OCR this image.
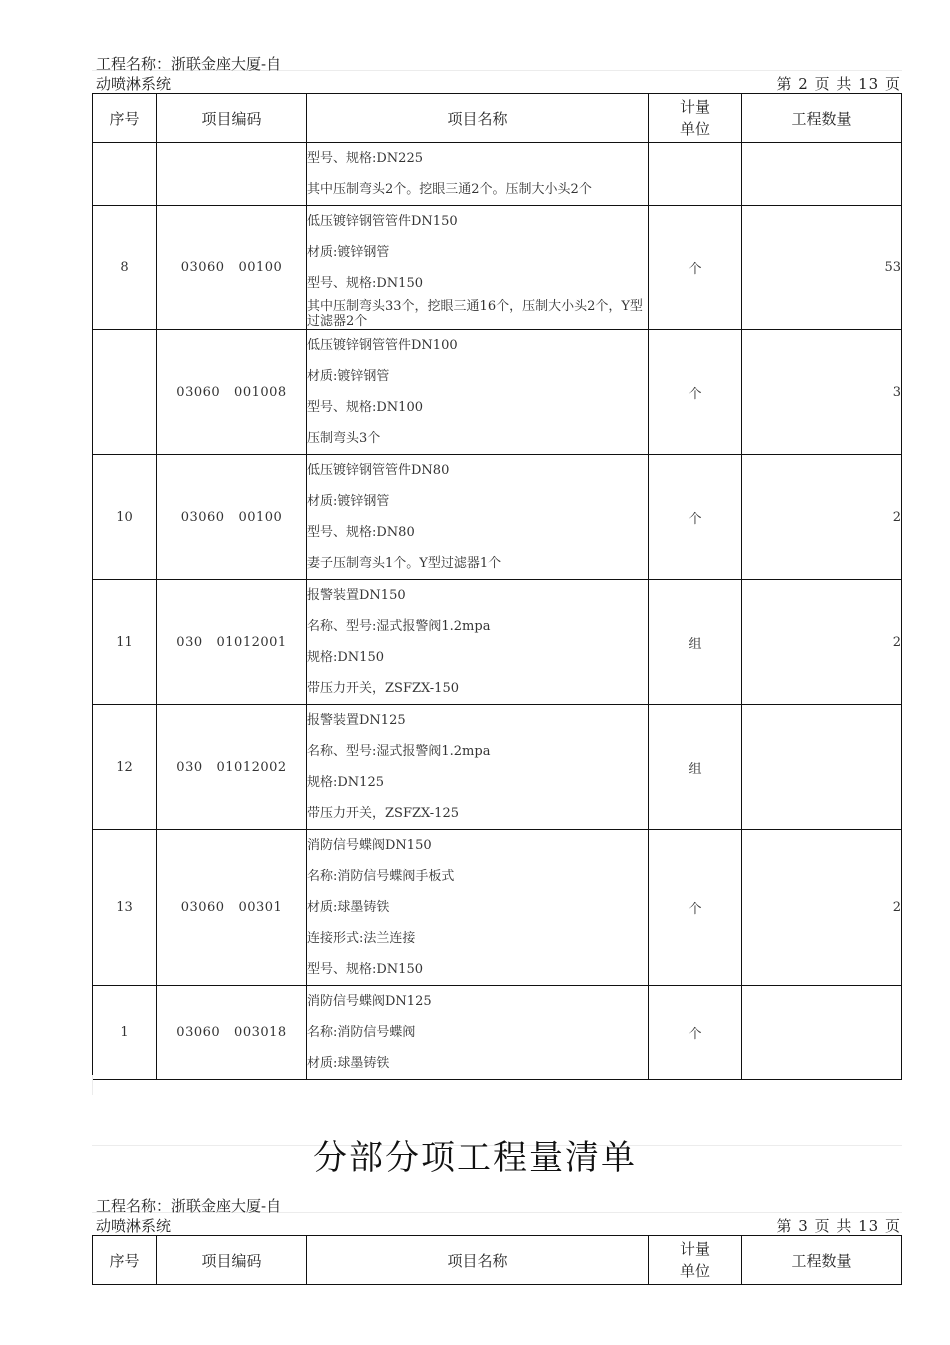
工程名称：浙联金座大厦-自
动喷淋系统	第 2 页 共 13 页
序号	项目编码	项目名称	计量
单位	工程数量

		型号、规格:DN225
其中压制弯头2个。挖眼三通2个。压制大小头2个		

8	03060   00100	低压镀锌钢管管件DN150
材质:镀锌钢管
型号、规格:DN150
其中压制弯头33个，挖眼三通16个，压制大小头2个，Y型过滤器2个	个	53
	03060   001008	低压镀锌钢管管件DN100
材质:镀锌钢管
型号、规格:DN100
压制弯头3个	个	3
10	03060   00100	低压镀锌钢管管件DN80
材质:镀锌钢管
型号、规格:DN80
妻子压制弯头1个。Y型过滤器1个	个	2
11	030   01012001	报警装置DN150
名称、型号:湿式报警阀1.2mpa
规格:DN150
带压力开关，ZSFZX-150	组	2
12	030   01012002	报警装置DN125
名称、型号:湿式报警阀1.2mpa
规格:DN125
带压力开关，ZSFZX-125	组	
13	03060   00301	消防信号蝶阀DN150
名称:消防信号蝶阀手板式
材质:球墨铸铁
连接形式:法兰连接
型号、规格:DN150	个	2
1	03060   003018	消防信号蝶阀DN125
名称:消防信号蝶阀
材质:球墨铸铁	个	
分部分项工程量清单
工程名称：浙联金座大厦-自
动喷淋系统	第 3 页 共 13 页
序号	项目编码	项目名称	计量
单位	工程数量
